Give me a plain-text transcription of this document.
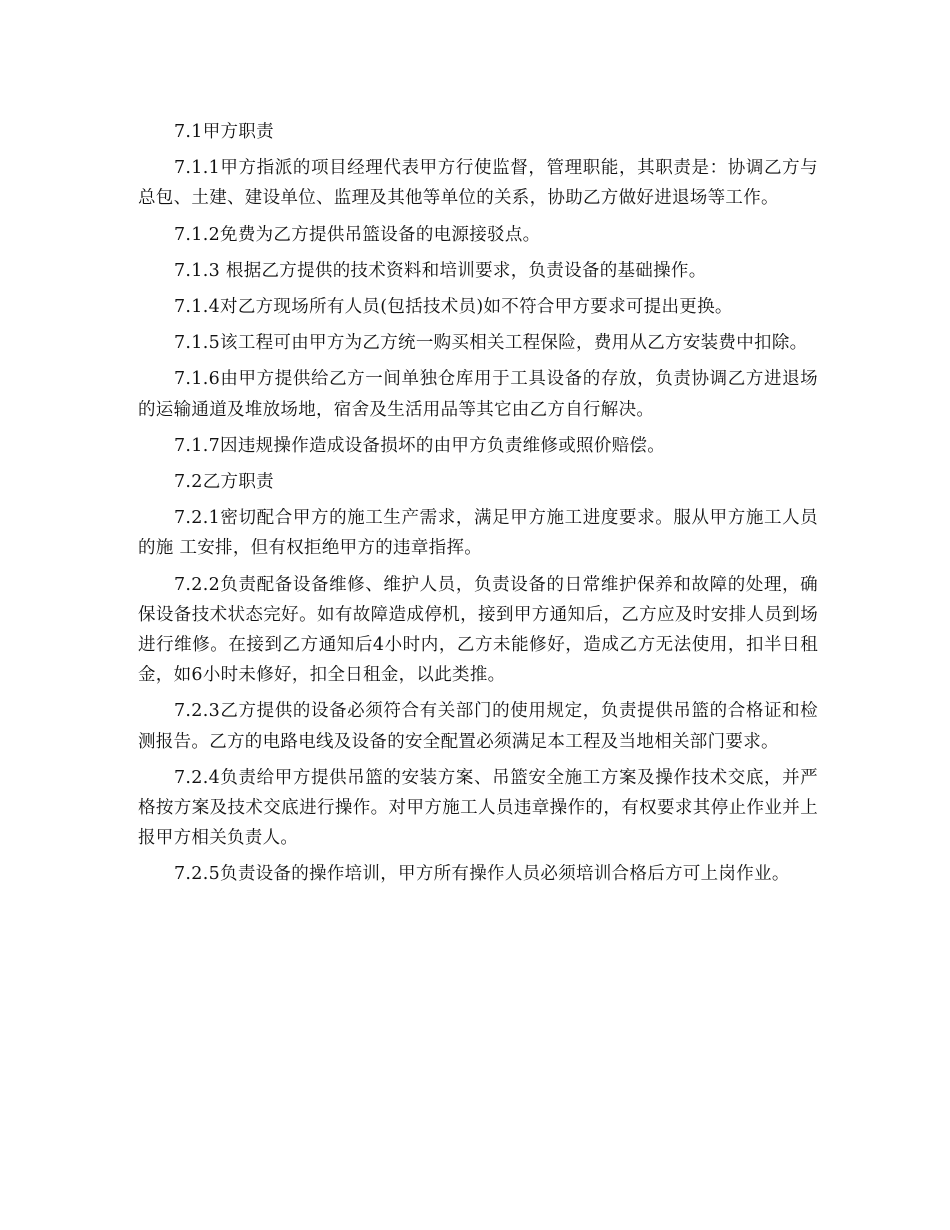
7.1甲方职责

7.1.1甲方指派的项目经理代表甲方行使监督，管理职能，其职责是：协调乙方与总包、土建、建设单位、监理及其他等单位的关系，协助乙方做好进退场等工作。

7.1.2免费为乙方提供吊篮设备的电源接驳点。

7.1.3 根据乙方提供的技术资料和培训要求，负责设备的基础操作。

7.1.4对乙方现场所有人员(包括技术员)如不符合甲方要求可提出更换。

7.1.5该工程可由甲方为乙方统一购买相关工程保险，费用从乙方安装费中扣除。

7.1.6由甲方提供给乙方一间单独仓库用于工具设备的存放，负责协调乙方进退场的运输通道及堆放场地，宿舍及生活用品等其它由乙方自行解决。

7.1.7因违规操作造成设备损坏的由甲方负责维修或照价赔偿。

7.2乙方职责

7.2.1密切配合甲方的施工生产需求，满足甲方施工进度要求。服从甲方施工人员的施 工安排，但有权拒绝甲方的违章指挥。

7.2.2负责配备设备维修、维护人员，负责设备的日常维护保养和故障的处理，确保设备技术状态完好。如有故障造成停机，接到甲方通知后，乙方应及时安排人员到场进行维修。在接到乙方通知后4小时内，乙方未能修好，造成乙方无法使用，扣半日租金，如6小时未修好，扣全日租金，以此类推。

7.2.3乙方提供的设备必须符合有关部门的使用规定，负责提供吊篮的合格证和检测报告。乙方的电路电线及设备的安全配置必须满足本工程及当地相关部门要求。

7.2.4负责给甲方提供吊篮的安装方案、吊篮安全施工方案及操作技术交底，并严格按方案及技术交底进行操作。对甲方施工人员违章操作的，有权要求其停止作业并上报甲方相关负责人。

7.2.5负责设备的操作培训，甲方所有操作人员必须培训合格后方可上岗作业。
